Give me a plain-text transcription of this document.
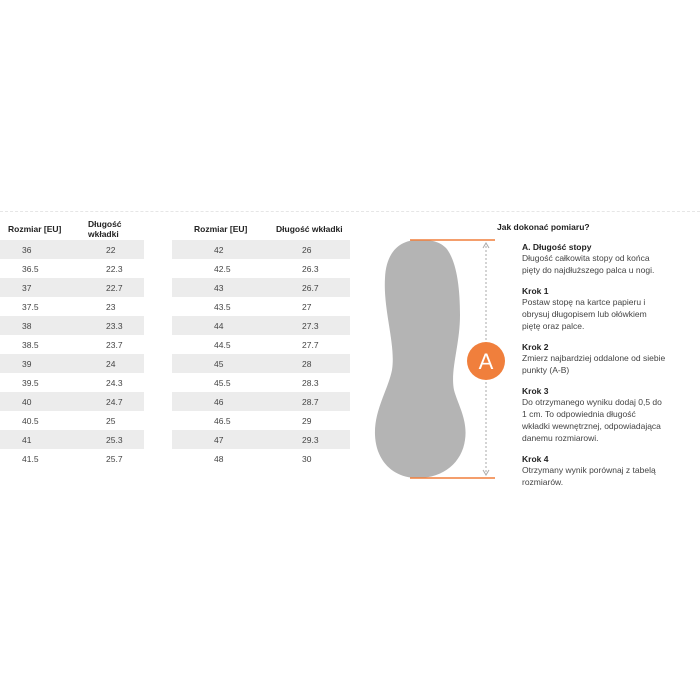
Rozmiar [EU]	Długość wkładki
36	22
36.5	22.3
37	22.7
37.5	23
38	23.3
38.5	23.7
39	24
39.5	24.3
40	24.7
40.5	25
41	25.3
41.5	25.7
Rozmiar [EU]	Długość wkładki
42	26
42.5	26.3
43	26.7
43.5	27
44	27.3
44.5	27.7
45	28
45.5	28.3
46	28.7
46.5	29
47	29.3
48	30
A
Jak dokonać pomiaru?
A. Długość stopy
Długość całkowita stopy od końca
pięty do najdłuższego palca u nogi.
Krok 1
Postaw stopę na kartce papieru i
obrysuj długopisem lub ołówkiem
piętę oraz palce.
Krok 2
Zmierz najbardziej oddalone od siebie
punkty (A-B)
Krok 3
Do otrzymanego wyniku dodaj 0,5 do
1 cm. To odpowiednia długość
wkładki wewnętrznej, odpowiadająca
danemu rozmiarowi.
Krok 4
Otrzymany wynik porównaj z tabelą
rozmiarów.
